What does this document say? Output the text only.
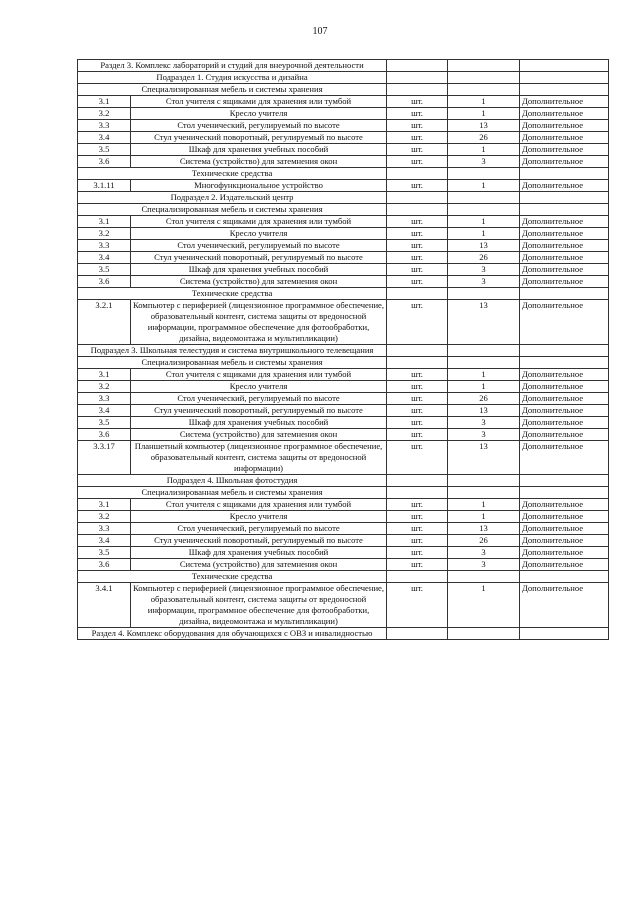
107
Раздел 3. Комплекс лабораторий и студий для внеурочной деятельности				
Подраздел 1. Студия искусства и дизайна				
Специализированная мебель и системы хранения				
3.1	Стол учителя с ящиками для хранения или тумбой	шт.	1	Дополнительное
3.2	Кресло учителя	шт.	1	Дополнительное
3.3	Стол ученический, регулируемый по высоте	шт.	13	Дополнительное
3.4	Стул ученический поворотный, регулируемый по высоте	шт.	26	Дополнительное
3.5	Шкаф для хранения учебных пособий	шт.	1	Дополнительное
3.6	Система (устройство) для затемнения окон	шт.	3	Дополнительное
Технические средства				
3.1.11	Многофункциональное устройство	шт.	1	Дополнительное
Подраздел 2. Издательский центр				
Специализированная мебель и системы хранения				
3.1	Стол учителя с ящиками для хранения или тумбой	шт.	1	Дополнительное
3.2	Кресло учителя	шт.	1	Дополнительное
3.3	Стол ученический, регулируемый по высоте	шт.	13	Дополнительное
3.4	Стул ученический поворотный, регулируемый по высоте	шт.	26	Дополнительное
3.5	Шкаф для хранения учебных пособий	шт.	3	Дополнительное
3.6	Система (устройство) для затемнения окон	шт.	3	Дополнительное
Технические средства				
3.2.1	Компьютер с периферией (лицензионное программное обеспечение, образовательный контент, система защиты от вредоносной информации, программное обеспечение для фотообработки, дизайна, видеомонтажа и мультипликации)	шт.	13	Дополнительное
Подраздел 3. Школьная телестудия и система внутришкольного телевещания				
Специализированная мебель и системы хранения				
3.1	Стол учителя с ящиками для хранения или тумбой	шт.	1	Дополнительное
3.2	Кресло учителя	шт.	1	Дополнительное
3.3	Стол ученический, регулируемый по высоте	шт.	26	Дополнительное
3.4	Стул ученический поворотный, регулируемый по высоте	шт.	13	Дополнительное
3.5	Шкаф для хранения учебных пособий	шт.	3	Дополнительное
3.6	Система (устройство) для затемнения окон	шт.	3	Дополнительное
3.3.17	Планшетный компьютер (лицензионное программное обеспечение, образовательный контент, система защиты от вредоносной информации)	шт.	13	Дополнительное
Подраздел 4. Школьная фотостудия				
Специализированная мебель и системы хранения				
3.1	Стол учителя с ящиками для хранения или тумбой	шт.	1	Дополнительное
3.2	Кресло учителя	шт.	1	Дополнительное
3.3	Стол ученический, регулируемый по высоте	шт.	13	Дополнительное
3.4	Стул ученический поворотный, регулируемый по высоте	шт.	26	Дополнительное
3.5	Шкаф для хранения учебных пособий	шт.	3	Дополнительное
3.6	Система (устройство) для затемнения окон	шт.	3	Дополнительное
Технические средства				
3.4.1	Компьютер с периферией (лицензионное программное обеспечение, образовательный контент, система защиты от вредоносной информации, программное обеспечение для фотообработки, дизайна, видеомонтажа и мультипликации)	шт.	1	Дополнительное
Раздел 4. Комплекс оборудования для обучающихся с ОВЗ и инвалидностью				
